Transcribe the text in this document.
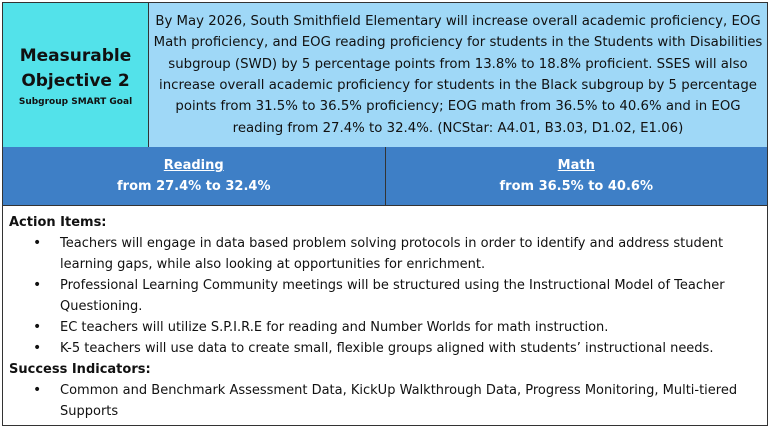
Measurable
Objective 2
Subgroup SMART Goal
By May 2026, South Smithfield Elementary will increase overall academic proficiency, EOG Math proficiency, and EOG reading proficiency for students in the Students with Disabilities subgroup (SWD) by 5 percentage points from 13.8% to 18.8% proficient. SSES will also increase overall academic proficiency for students in the Black subgroup by 5 percentage points from 31.5% to 36.5% proficiency; EOG math from 36.5% to 40.6% and in EOG reading from 27.4% to 32.4%. (NCStar: A4.01, B3.03, D1.02, E1.06)
Reading
from 27.4% to 32.4%
Math
from 36.5% to 40.6%
Action Items:
• Teachers will engage in data based problem solving protocols in order to identify and address student learning gaps, while also looking at opportunities for enrichment.
• Professional Learning Community meetings will be structured using the Instructional Model of Teacher Questioning.
• EC teachers will utilize S.P.I.R.E for reading and Number Worlds for math instruction.
• K-5 teachers will use data to create small, flexible groups aligned with students’ instructional needs.
Success Indicators:
• Common and Benchmark Assessment Data, KickUp Walkthrough Data, Progress Monitoring, Multi-tiered Supports
